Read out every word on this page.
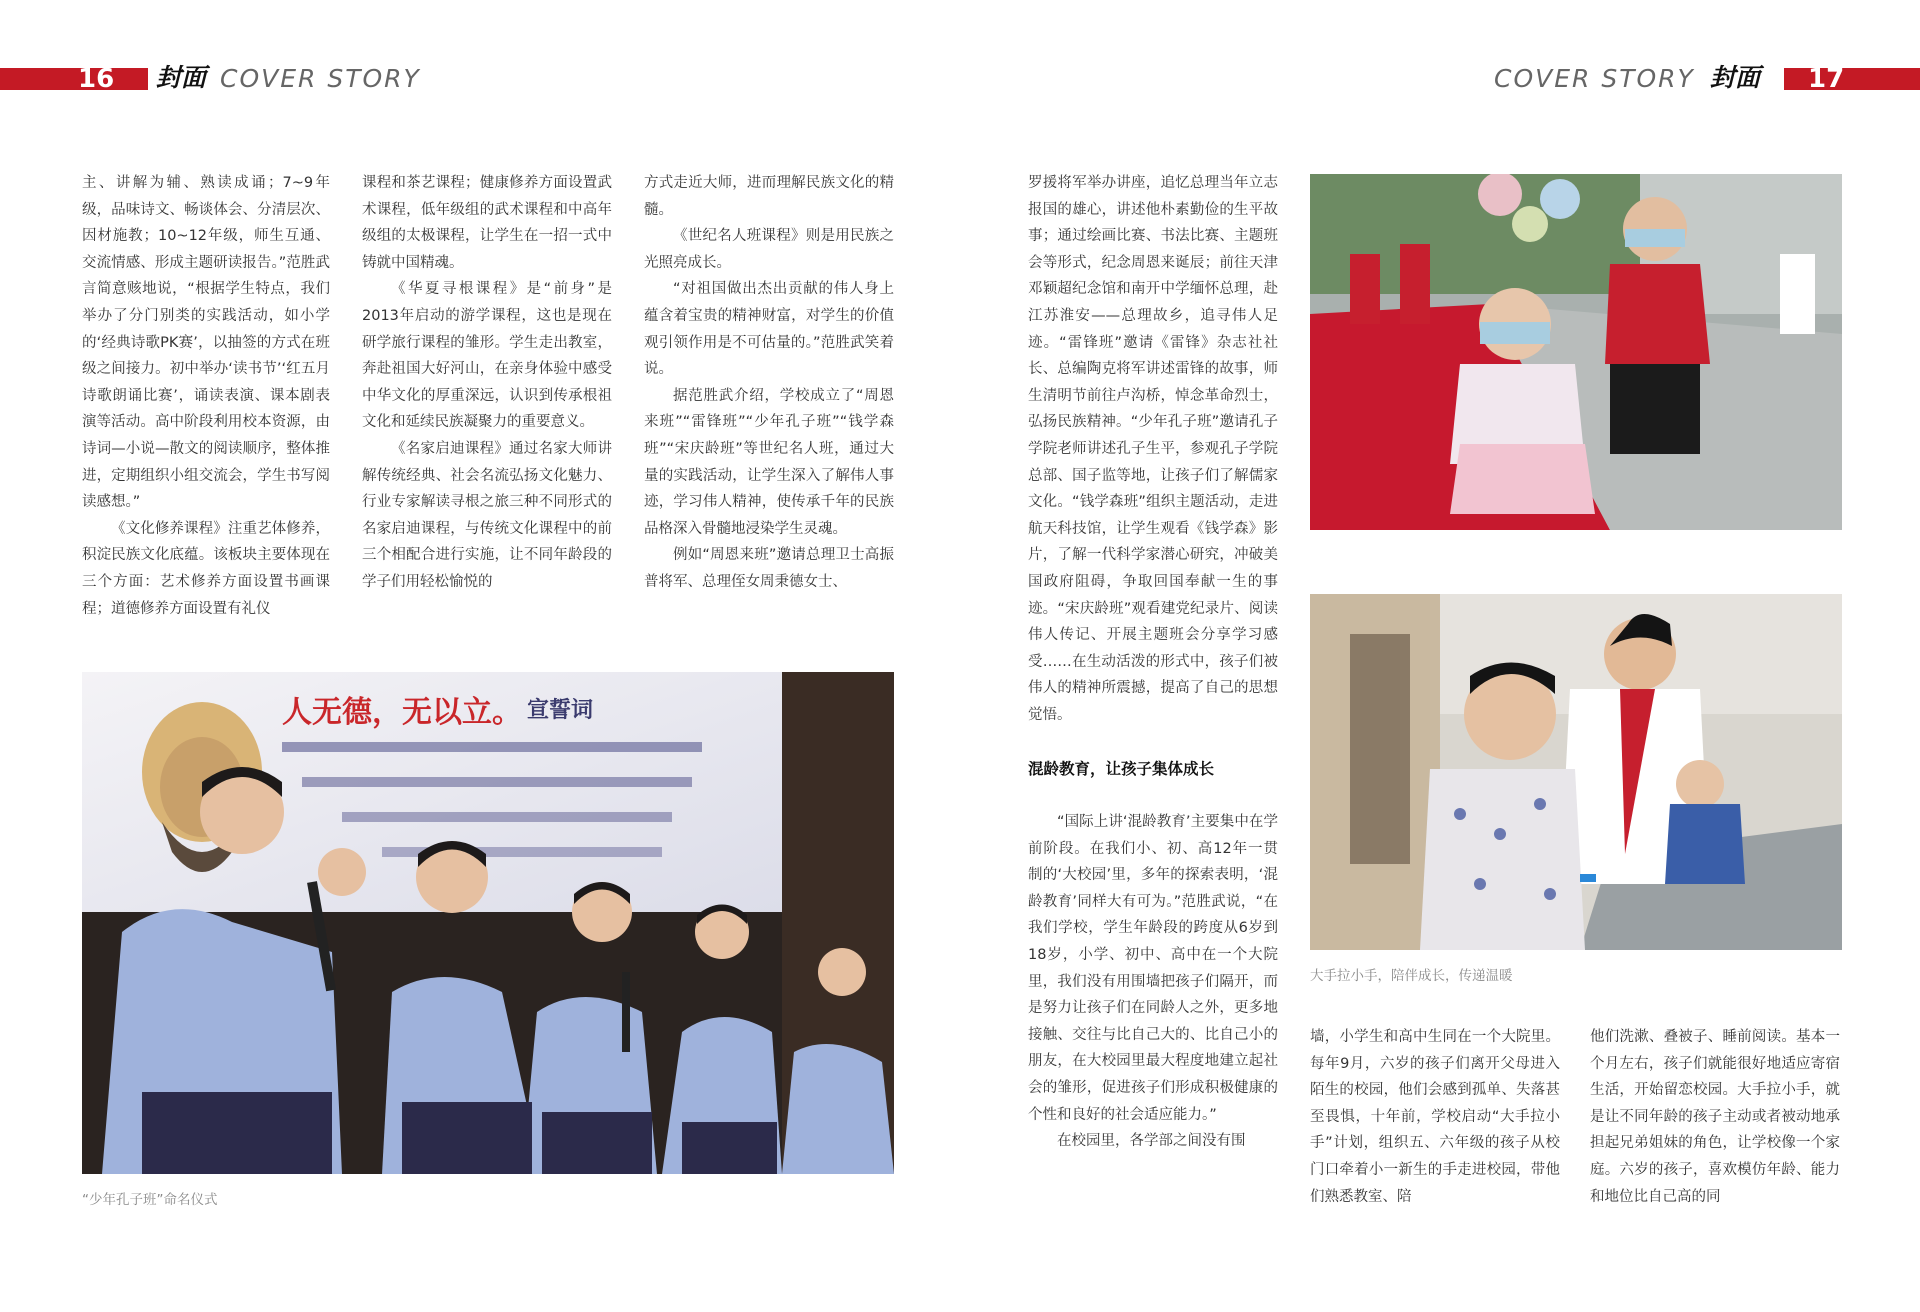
16 封面 COVER STORY	COVER STORY 封面 17

主、讲解为辅、熟读成诵；7~9年级，品味诗文、畅谈体会、分清层次、因材施教；10~12年级，师生互通、交流情感、形成主题研读报告。”范胜武言简意赅地说，“根据学生特点，我们举办了分门别类的实践活动，如小学的‘经典诗歌PK赛’，以抽签的方式在班级之间接力。初中举办‘读书节’‘红五月诗歌朗诵比赛’，诵读表演、课本剧表演等活动。高中阶段利用校本资源，由诗词—小说—散文的阅读顺序，整体推进，定期组织小组交流会，学生书写阅读感想。”

《文化修养课程》注重艺体修养，积淀民族文化底蕴。该板块主要体现在三个方面：艺术修养方面设置书画课程；道德修养方面设置有礼仪

课程和茶艺课程；健康修养方面设置武术课程，低年级组的武术课程和中高年级组的太极课程，让学生在一招一式中铸就中国精魂。

《华夏寻根课程》是“前身”是2013年启动的游学课程，这也是现在研学旅行课程的雏形。学生走出教室，奔赴祖国大好河山，在亲身体验中感受中华文化的厚重深远，认识到传承根祖文化和延续民族凝聚力的重要意义。

《名家启迪课程》通过名家大师讲解传统经典、社会名流弘扬文化魅力、行业专家解读寻根之旅三种不同形式的名家启迪课程，与传统文化课程中的前三个相配合进行实施，让不同年龄段的学子们用轻松愉悦的

方式走近大师，进而理解民族文化的精髓。

《世纪名人班课程》则是用民族之光照亮成长。

“对祖国做出杰出贡献的伟人身上蕴含着宝贵的精神财富，对学生的价值观引领作用是不可估量的。”范胜武笑着说。

据范胜武介绍，学校成立了“周恩来班”“雷锋班”“少年孔子班”“钱学森班”“宋庆龄班”等世纪名人班，通过大量的实践活动，让学生深入了解伟人事迹，学习伟人精神，使传承千年的民族品格深入骨髓地浸染学生灵魂。

例如“周恩来班”邀请总理卫士高振普将军、总理侄女周秉德女士、

罗援将军举办讲座，追忆总理当年立志报国的雄心，讲述他朴素勤俭的生平故事；通过绘画比赛、书法比赛、主题班会等形式，纪念周恩来诞辰；前往天津邓颖超纪念馆和南开中学缅怀总理，赴江苏淮安——总理故乡，追寻伟人足迹。“雷锋班”邀请《雷锋》杂志社社长、总编陶克将军讲述雷锋的故事，师生清明节前往卢沟桥，悼念革命烈士，弘扬民族精神。“少年孔子班”邀请孔子学院老师讲述孔子生平，参观孔子学院总部、国子监等地，让孩子们了解儒家文化。“钱学森班”组织主题活动，走进航天科技馆，让学生观看《钱学森》影片，了解一代科学家潜心研究，冲破美国政府阻碍，争取回国奉献一生的事迹。“宋庆龄班”观看建党纪录片、阅读伟人传记、开展主题班会分享学习感受……在生动活泼的形式中，孩子们被伟人的精神所震撼，提高了自己的思想觉悟。

混龄教育，让孩子集体成长

“国际上讲‘混龄教育’主要集中在学前阶段。在我们小、初、高12年一贯制的‘大校园’里，多年的探索表明，‘混龄教育’同样大有可为。”范胜武说，“在我们学校，学生年龄段的跨度从6岁到18岁，小学、初中、高中在一个大院里，我们没有用围墙把孩子们隔开，而是努力让孩子们在同龄人之外，更多地接触、交往与比自己大的、比自己小的朋友，在大校园里最大程度地建立起社会的雏形，促进孩子们形成积极健康的个性和良好的社会适应能力。”

在校园里，各学部之间没有围

墙，小学生和高中生同在一个大院里。每年9月，六岁的孩子们离开父母进入陌生的校园，他们会感到孤单、失落甚至畏惧，十年前，学校启动“大手拉小手”计划，组织五、六年级的孩子从校门口牵着小一新生的手走进校园，带他们熟悉教室、陪

他们洗漱、叠被子、睡前阅读。基本一个月左右，孩子们就能很好地适应寄宿生活，开始留恋校园。大手拉小手，就是让不同年龄的孩子主动或者被动地承担起兄弟姐妹的角色，让学校像一个家庭。六岁的孩子，喜欢模仿年龄、能力和地位比自己高的同

人无德，无以立。 宣誓词
“少年孔子班”命名仪式
大手拉小手，陪伴成长，传递温暖
